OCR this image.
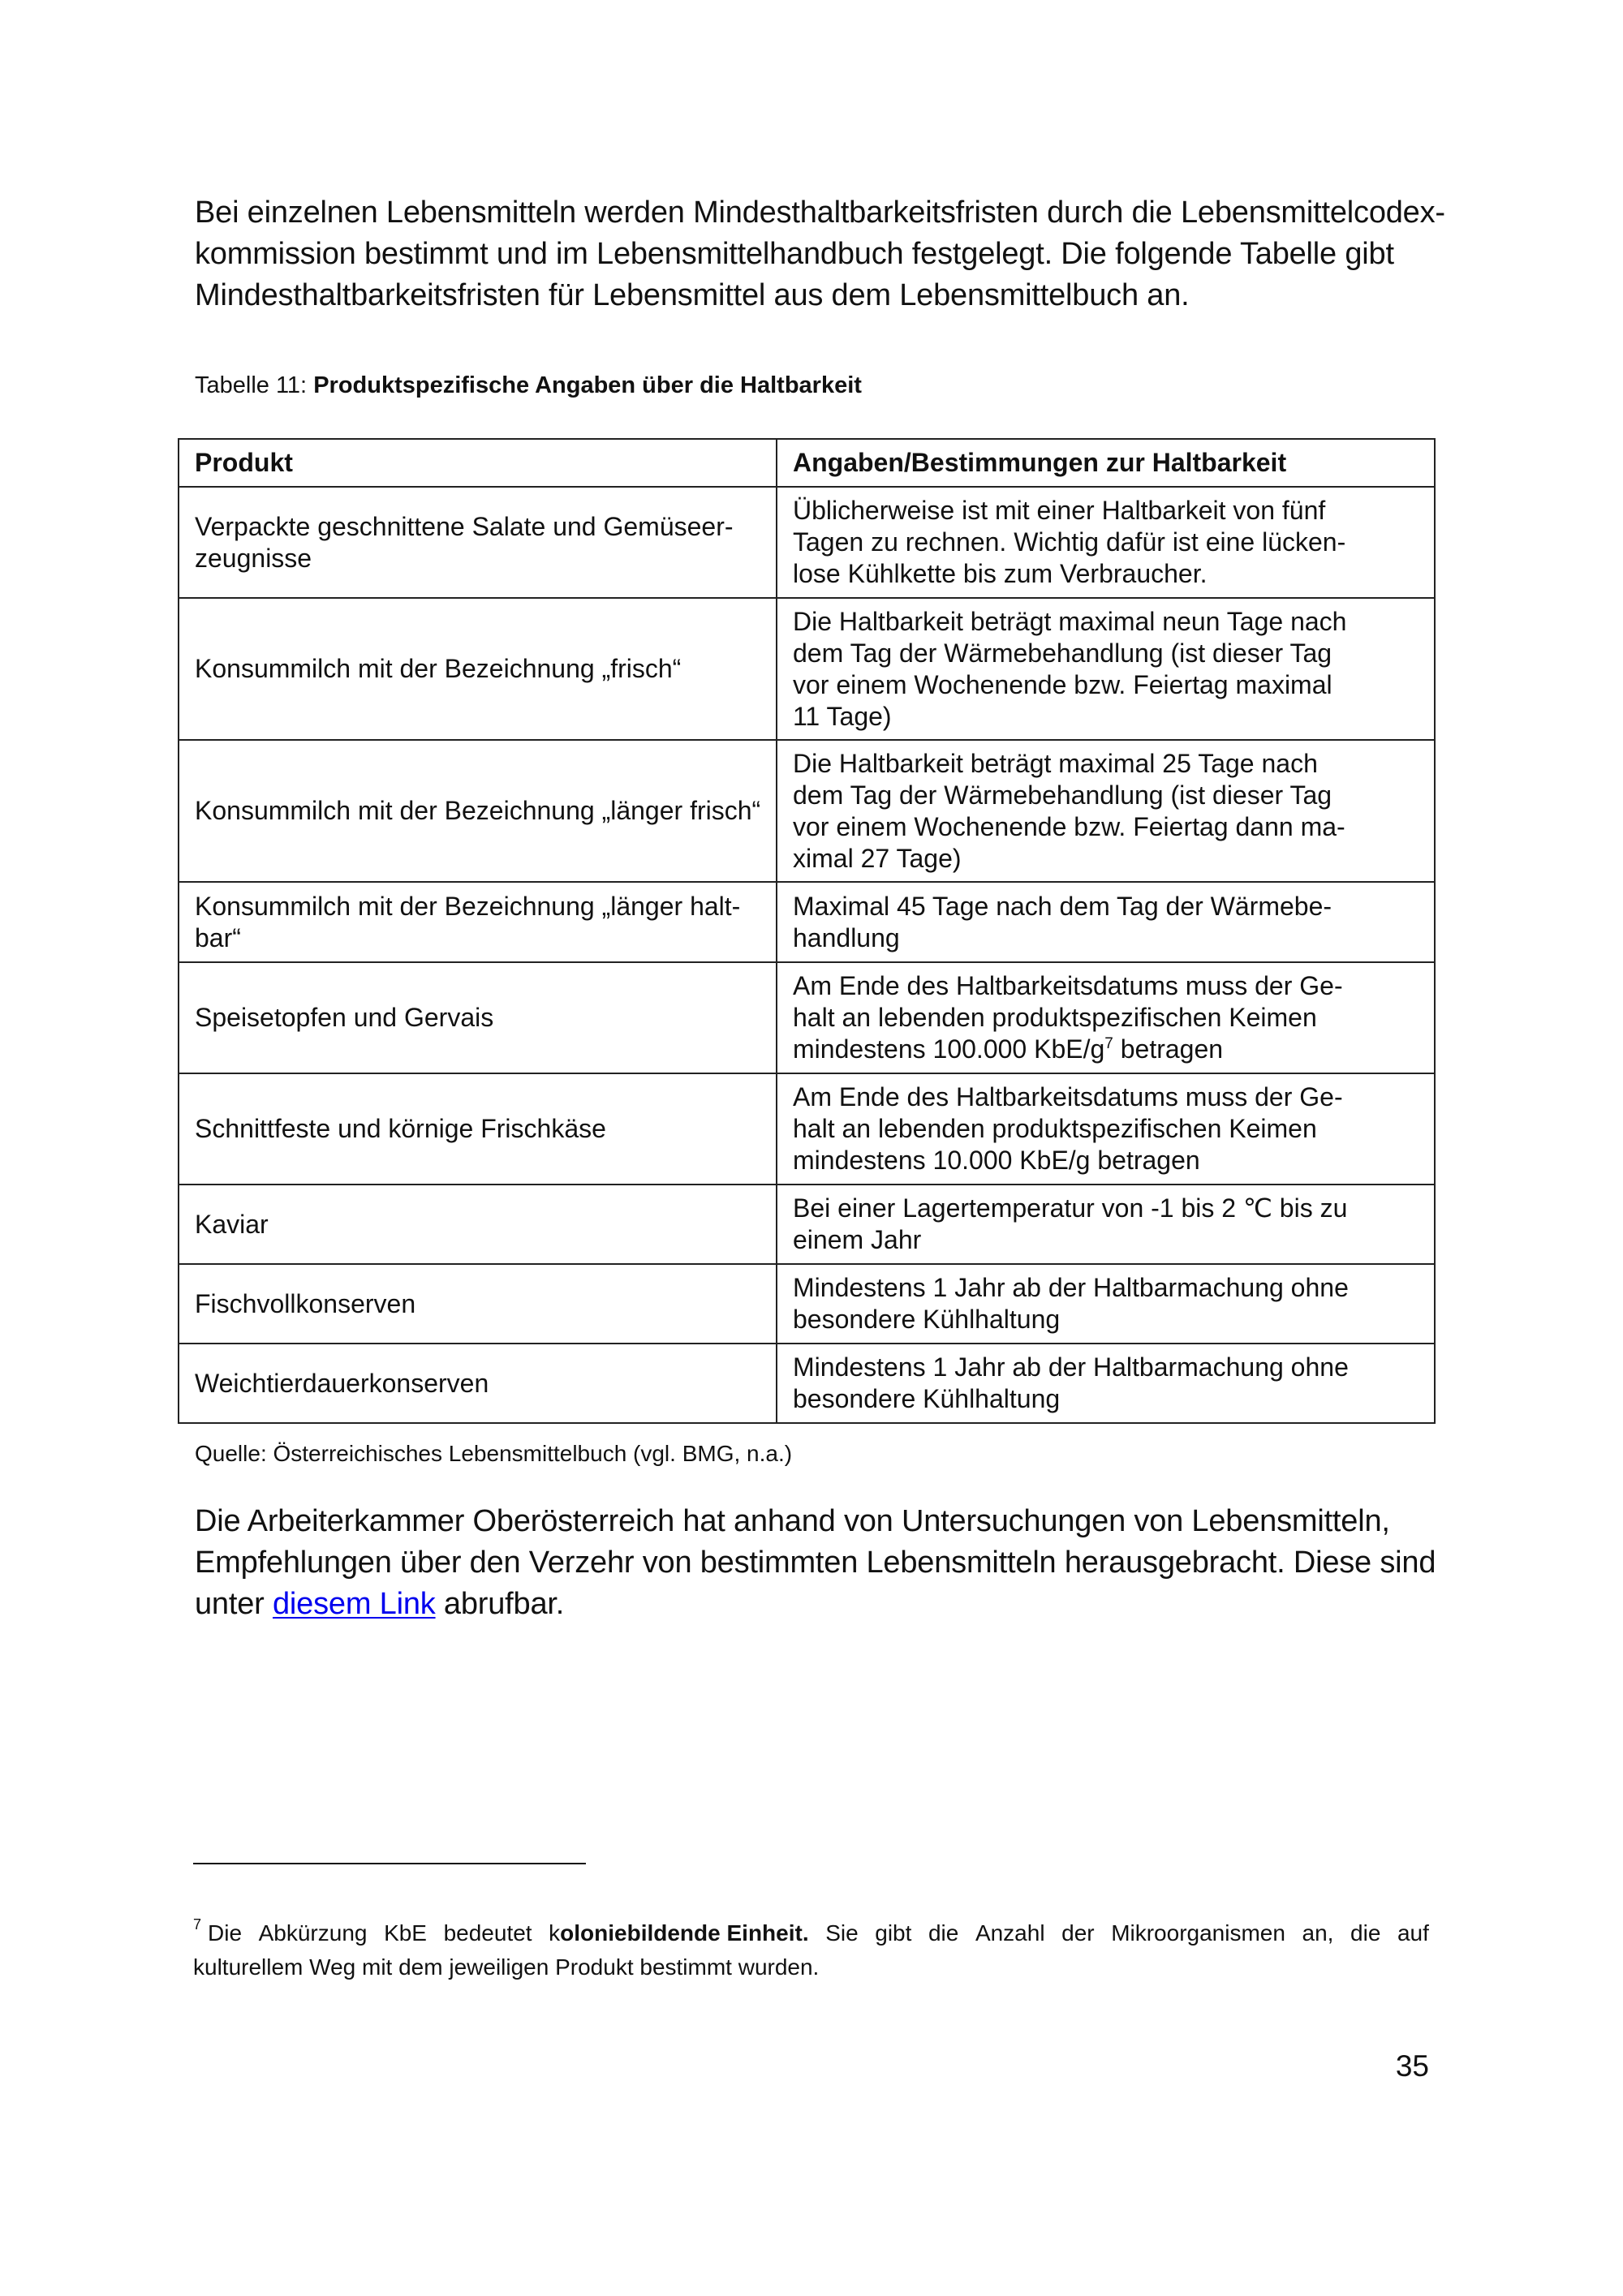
Bei einzelnen Lebensmitteln werden Mindesthaltbarkeitsfristen durch die Lebensmittelcodex-
kommission bestimmt und im Lebensmittelhandbuch festgelegt. Die folgende Tabelle gibt
Mindesthaltbarkeitsfristen für Lebensmittel aus dem Lebensmittelbuch an.
Tabelle 11: Produktspezifische Angaben über die Haltbarkeit
Produkt	Angaben/Bestimmungen zur Haltbarkeit

Verpackte geschnittene Salate und Gemüseer-
zeugnisse	Üblicherweise ist mit einer Haltbarkeit von fünf
Tagen zu rechnen. Wichtig dafür ist eine lücken-
lose Kühlkette bis zum Verbraucher.

Konsummilch mit der Bezeichnung „frisch“	Die Haltbarkeit beträgt maximal neun Tage nach
dem Tag der Wärmebehandlung (ist dieser Tag
vor einem Wochenende bzw. Feiertag maximal
11 Tage)

Konsummilch mit der Bezeichnung „länger frisch“	Die Haltbarkeit beträgt maximal 25 Tage nach
dem Tag der Wärmebehandlung (ist dieser Tag
vor einem Wochenende bzw. Feiertag dann ma-
ximal 27 Tage)

Konsummilch mit der Bezeichnung „länger halt-
bar“	Maximal 45 Tage nach dem Tag der Wärmebe-
handlung

Speisetopfen und Gervais	Am Ende des Haltbarkeitsdatums muss der Ge-
halt an lebenden produktspezifischen Keimen
mindestens 100.000 KbE/$g^7$ betragen

Schnittfeste und körnige Frischkäse	Am Ende des Haltbarkeitsdatums muss der Ge-
halt an lebenden produktspezifischen Keimen
mindestens 10.000 KbE/g betragen

Kaviar	Bei einer Lagertemperatur von -1 bis 2 ℃ bis zu
einem Jahr

Fischvollkonserven	Mindestens 1 Jahr ab der Haltbarmachung ohne
besondere Kühlhaltung

Weichtierdauerkonserven	Mindestens 1 Jahr ab der Haltbarmachung ohne
besondere Kühlhaltung
Quelle: Österreichisches Lebensmittelbuch (vgl. BMG, n.a.)
Die Arbeiterkammer Oberösterreich hat anhand von Untersuchungen von Lebensmitteln,
Empfehlungen über den Verzehr von bestimmten Lebensmitteln herausgebracht. Diese sind
unter diesem Link abrufbar.
$^7$ Die Abkürzung KbE bedeutet koloniebildende Einheit. Sie gibt die Anzahl der Mikroorganismen an, die auf
kulturellem Weg mit dem jeweiligen Produkt bestimmt wurden.
35
